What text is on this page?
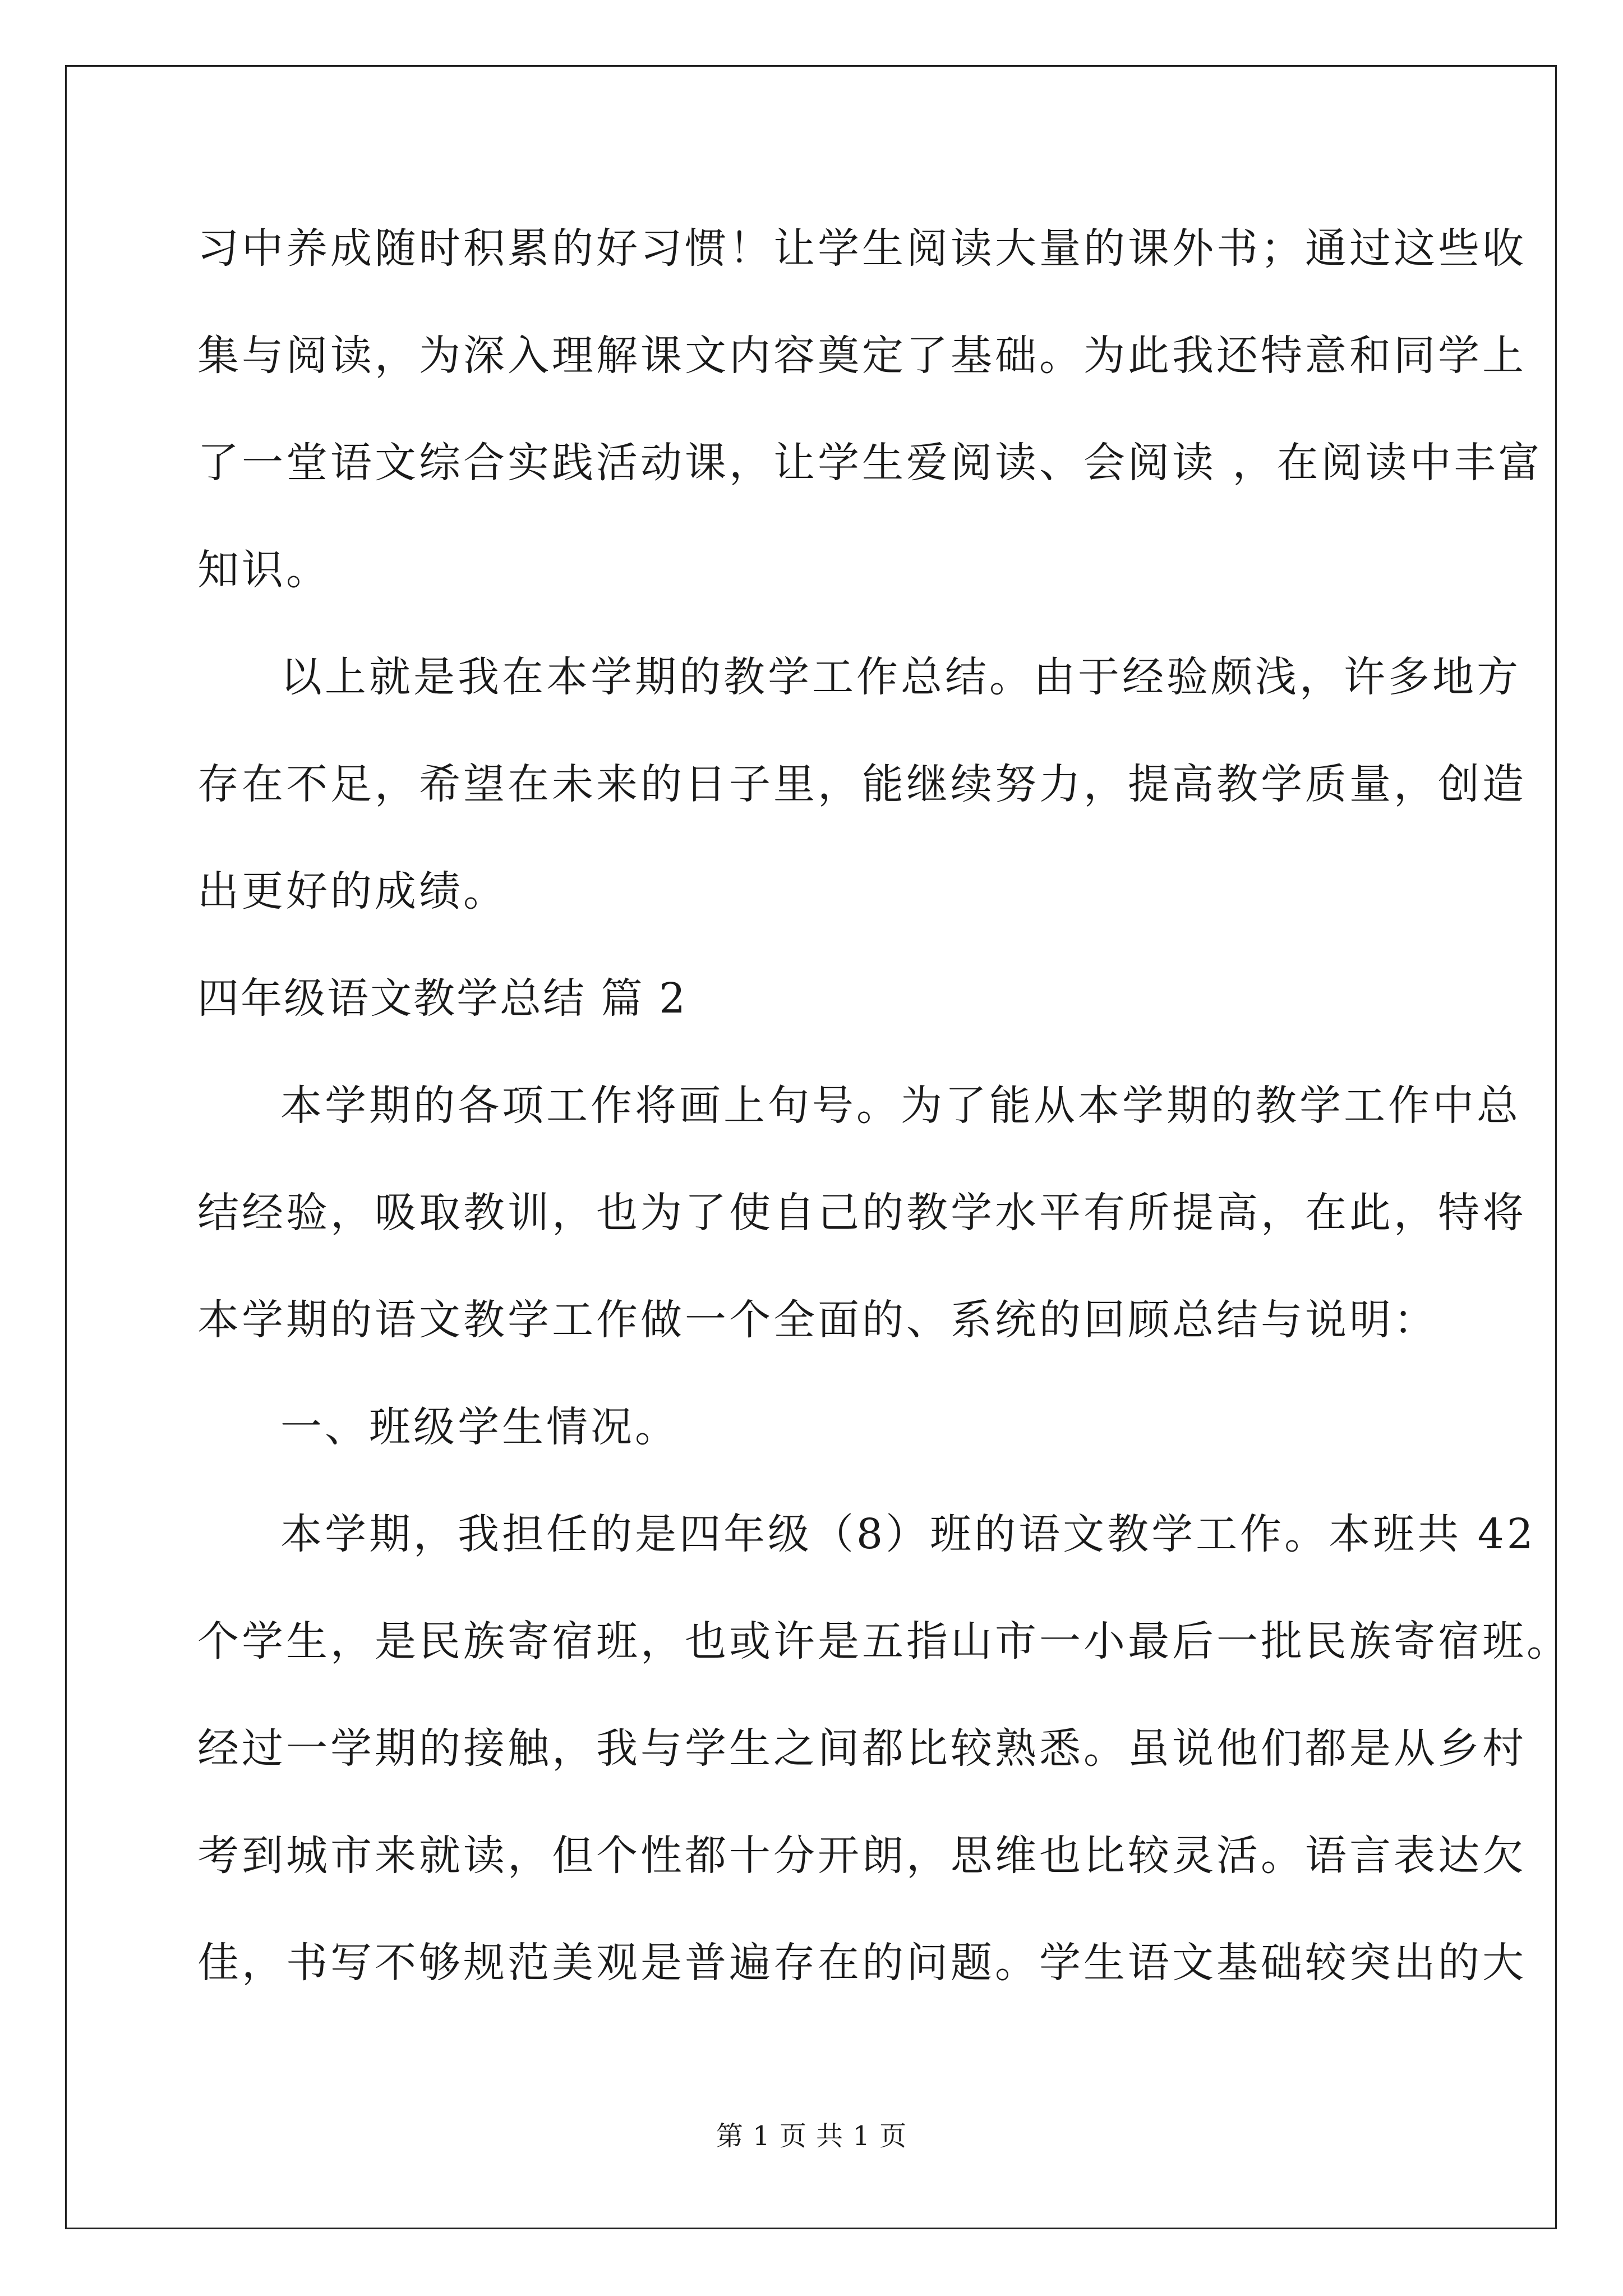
习中养成随时积累的好习惯！让学生阅读大量的课外书；通过这些收
集与阅读，为深入理解课文内容奠定了基础。为此我还特意和同学上
了一堂语文综合实践活动课，让学生爱阅读、会阅读 ，在阅读中丰富
知识。
以上就是我在本学期的教学工作总结。由于经验颇浅，许多地方
存在不足，希望在未来的日子里，能继续努力，提高教学质量，创造
出更好的成绩。
四年级语文教学总结 篇 2
本学期的各项工作将画上句号。为了能从本学期的教学工作中总
结经验，吸取教训，也为了使自己的教学水平有所提高，在此，特将
本学期的语文教学工作做一个全面的、系统的回顾总结与说明：
一、班级学生情况。
本学期，我担任的是四年级（8）班的语文教学工作。本班共 42
个学生，是民族寄宿班，也或许是五指山市一小最后一批民族寄宿班。
经过一学期的接触，我与学生之间都比较熟悉。虽说他们都是从乡村
考到城市来就读，但个性都十分开朗，思维也比较灵活。语言表达欠
佳，书写不够规范美观是普遍存在的问题。学生语文基础较突出的大
第 1 页 共 1 页
